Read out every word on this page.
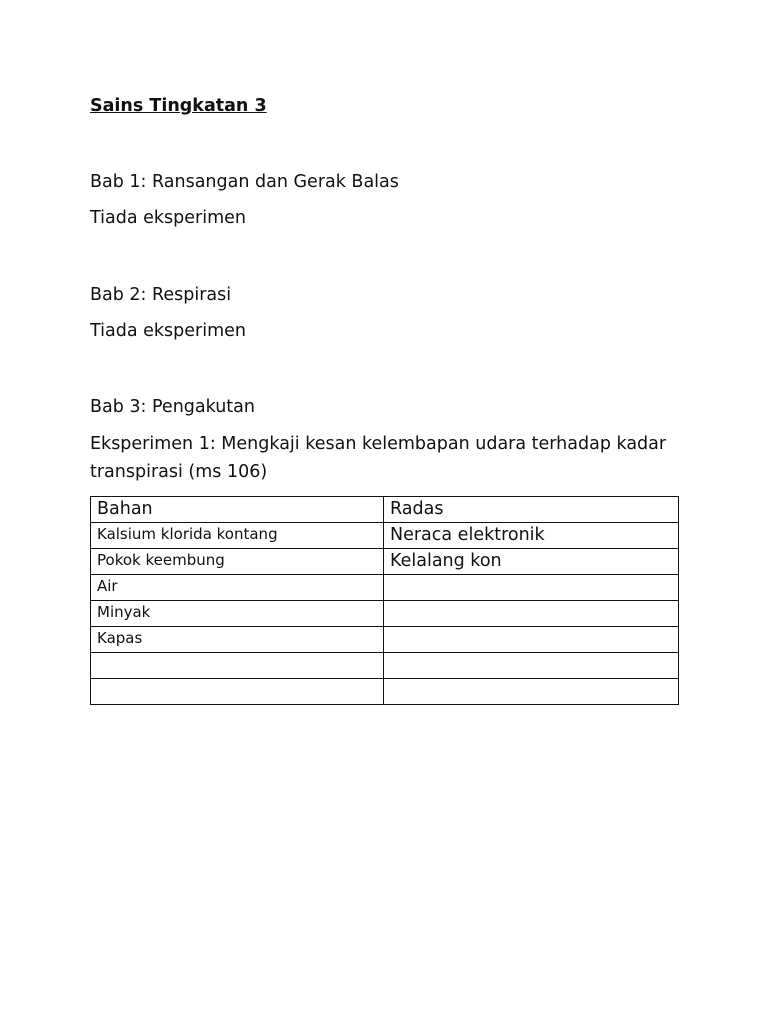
Sains Tingkatan 3
Bab 1: Ransangan dan Gerak Balas
Tiada eksperimen
Bab 2: Respirasi
Tiada eksperimen
Bab 3: Pengakutan
Eksperimen 1: Mengkaji kesan kelembapan udara terhadap kadar transpirasi (ms 106)
Bahan	Radas
Kalsium klorida kontang	Neraca elektronik
Pokok keembung	Kelalang kon
Air	
Minyak	
Kapas	
